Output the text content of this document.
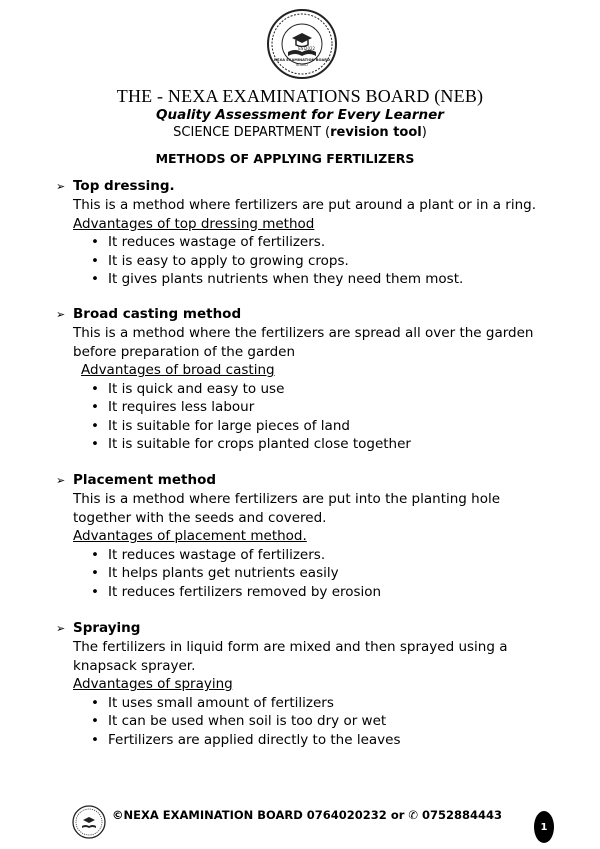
EST 2022
NEXA EXAMINATION BOARD
BOARD
THE - NEXA EXAMINATIONS BOARD (NEB)
Quality Assessment for Every Learner
SCIENCE DEPARTMENT (revision tool)
METHODS OF APPLYING FERTILIZERS
➢ Top dressing.
This is a method where fertilizers are put around a plant or in a ring.
Advantages of top dressing method
• It reduces wastage of fertilizers.
• It is easy to apply to growing crops.
• It gives plants nutrients when they need them most.
➢ Broad casting method
This is a method where the fertilizers are spread all over the garden before preparation of the garden
Advantages of broad casting
• It is quick and easy to use
• It requires less labour
• It is suitable for large pieces of land
• It is suitable for crops planted close together
➢ Placement method
This is a method where fertilizers are put into the planting hole together with the seeds and covered.
Advantages of placement method.
• It reduces wastage of fertilizers.
• It helps plants get nutrients easily
• It reduces fertilizers removed by erosion
➢ Spraying
The fertilizers in liquid form are mixed and then sprayed using a knapsack sprayer.
Advantages of spraying
• It uses small amount of fertilizers
• It can be used when soil is too dry or wet
• Fertilizers are applied directly to the leaves
©NEXA EXAMINATION BOARD 0764020232 or ✆ 0752884443
1
